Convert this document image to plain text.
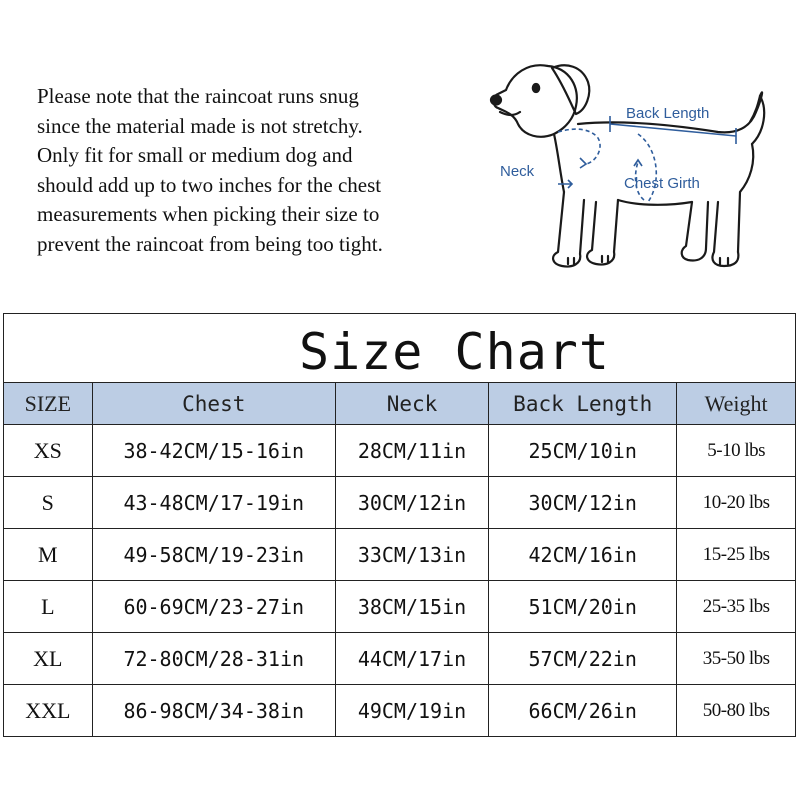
Please note that the raincoat runs snug
since the material made is not stretchy.
Only fit for small or medium dog and
should add up to two inches for the chest
measurements when picking their size to
prevent the raincoat from being too tight.
Back Length
Neck
Chest Girth
Size Chart
SIZE	Chest	Neck	Back Length	Weight
XS	38-42CM/15-16in	28CM/11in	25CM/10in	5-10 lbs
S	43-48CM/17-19in	30CM/12in	30CM/12in	10-20 lbs
M	49-58CM/19-23in	33CM/13in	42CM/16in	15-25 lbs
L	60-69CM/23-27in	38CM/15in	51CM/20in	25-35 lbs
XL	72-80CM/28-31in	44CM/17in	57CM/22in	35-50 lbs
XXL	86-98CM/34-38in	49CM/19in	66CM/26in	50-80 lbs
